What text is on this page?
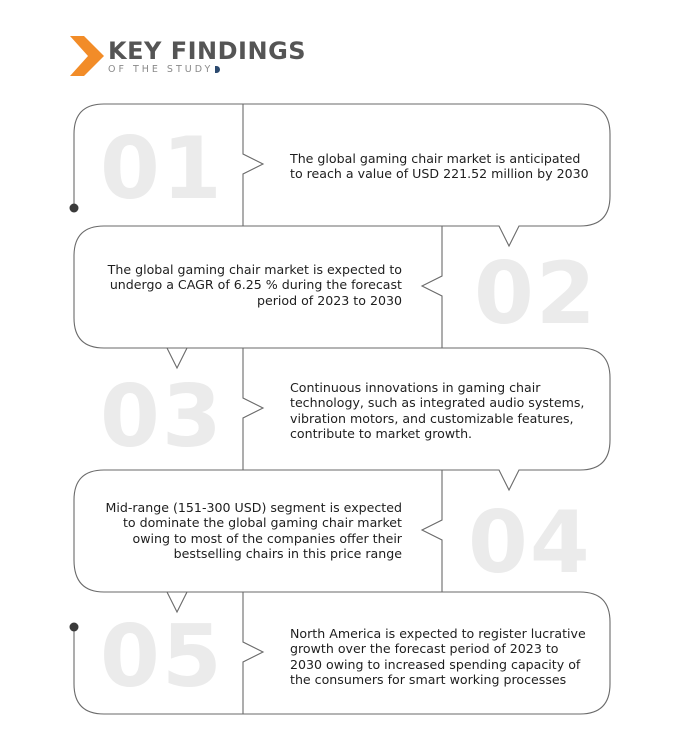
KEY FINDINGS
OF THE STUDY
01	The global gaming chair market is anticipated to reach a value of USD 221.52 million by 2030
02
The global gaming chair market is expected to undergo a CAGR of 6.25 % during the forecast period of 2023 to 2030
03	Continuous innovations in gaming chair technology, such as integrated audio systems, vibration motors, and customizable features, contribute to market growth.
04
Mid-range (151-300 USD) segment is expected to dominate the global gaming chair market owing to most of the companies offer their bestselling chairs in this price range
05	North America is expected to register lucrative growth over the forecast period of 2023 to 2030 owing to increased spending capacity of the consumers for smart working processes
